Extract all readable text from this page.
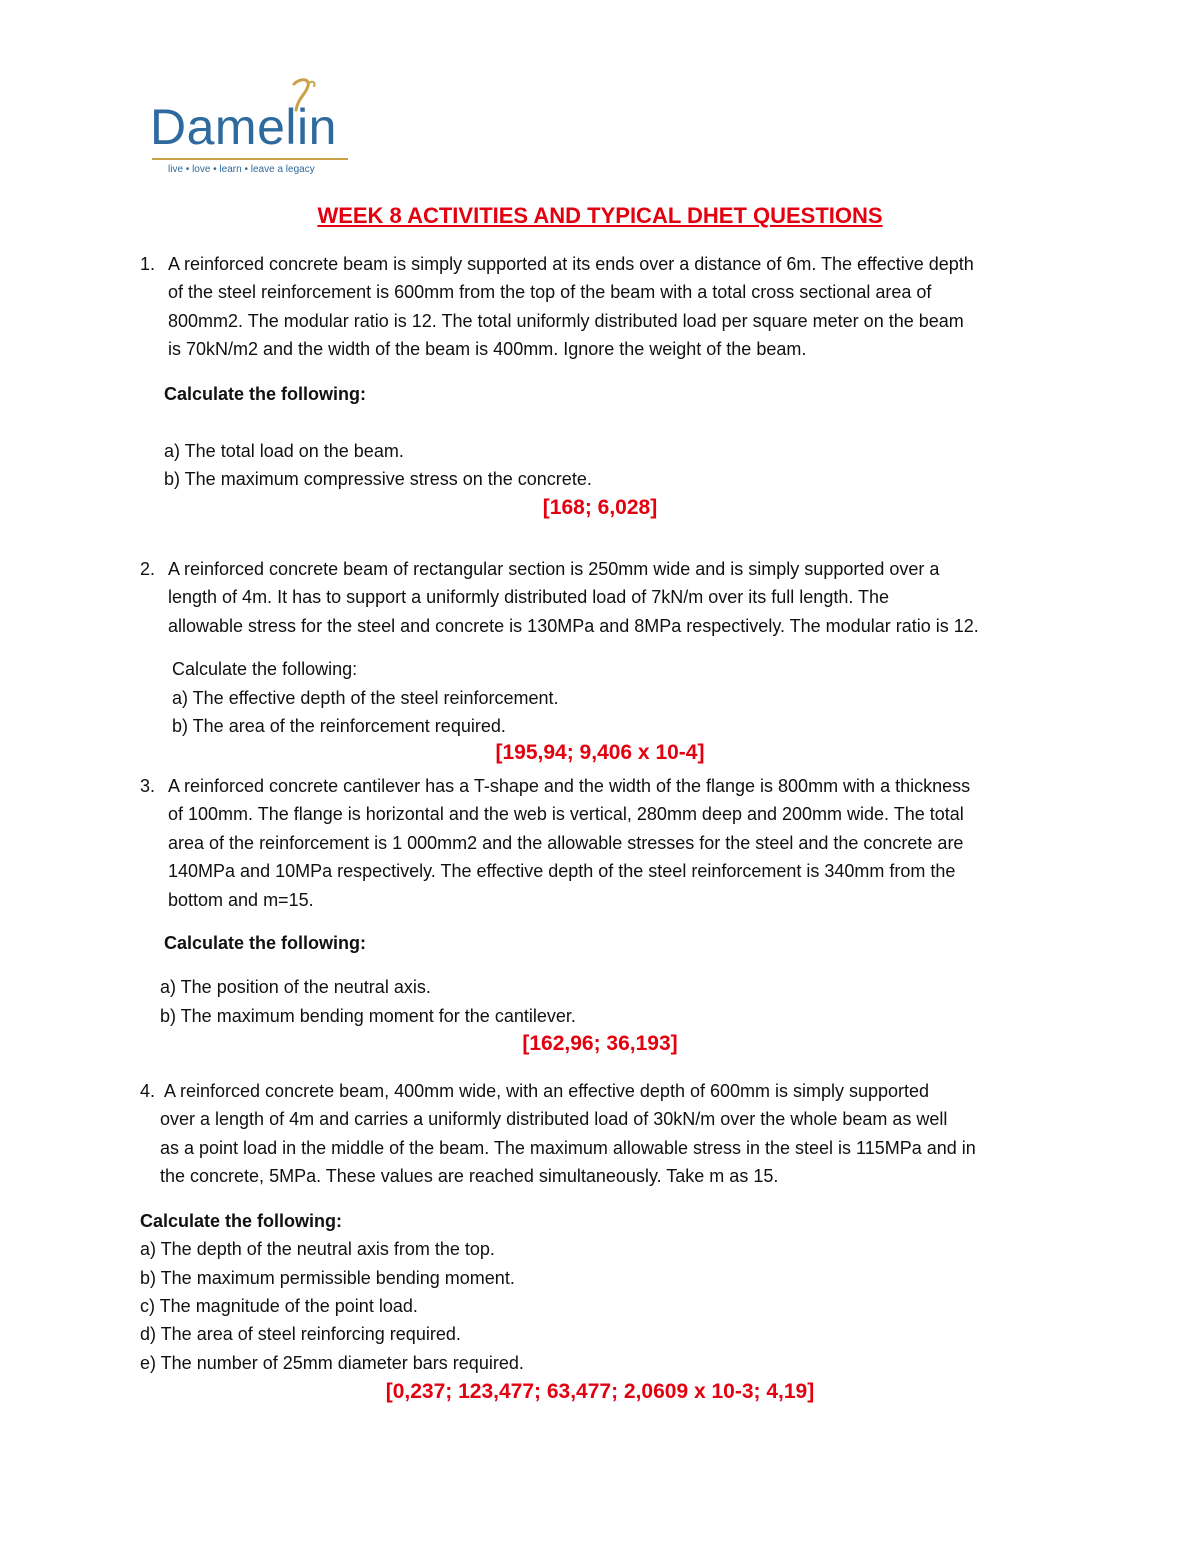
Damelin
live • love • learn • leave a legacy
WEEK 8 ACTIVITIES AND TYPICAL DHET QUESTIONS
1. A reinforced concrete beam is simply supported at its ends over a distance of 6m. The effective depth
of the steel reinforcement is 600mm from the top of the beam with a total cross sectional area of
800mm2. The modular ratio is 12. The total uniformly distributed load per square meter on the beam
is 70kN/m2 and the width of the beam is 400mm. Ignore the weight of the beam.
Calculate the following:
a) The total load on the beam.
b) The maximum compressive stress on the concrete.
[168; 6,028]
2. A reinforced concrete beam of rectangular section is 250mm wide and is simply supported over a
length of 4m. It has to support a uniformly distributed load of 7kN/m over its full length. The
allowable stress for the steel and concrete is 130MPa and 8MPa respectively. The modular ratio is 12.
Calculate the following:
a) The effective depth of the steel reinforcement.
b) The area of the reinforcement required.
[195,94; 9,406 x 10-4]
3. A reinforced concrete cantilever has a T-shape and the width of the flange is 800mm with a thickness
of 100mm. The flange is horizontal and the web is vertical, 280mm deep and 200mm wide. The total
area of the reinforcement is 1 000mm2 and the allowable stresses for the steel and the concrete are
140MPa and 10MPa respectively. The effective depth of the steel reinforcement is 340mm from the
bottom and m=15.
Calculate the following:
a) The position of the neutral axis.
b) The maximum bending moment for the cantilever.
[162,96; 36,193]
4. A reinforced concrete beam, 400mm wide, with an effective depth of 600mm is simply supported
over a length of 4m and carries a uniformly distributed load of 30kN/m over the whole beam as well
as a point load in the middle of the beam. The maximum allowable stress in the steel is 115MPa and in
the concrete, 5MPa. These values are reached simultaneously. Take m as 15.
Calculate the following:
a) The depth of the neutral axis from the top.
b) The maximum permissible bending moment.
c) The magnitude of the point load.
d) The area of steel reinforcing required.
e) The number of 25mm diameter bars required.
[0,237; 123,477; 63,477; 2,0609 x 10-3; 4,19]
